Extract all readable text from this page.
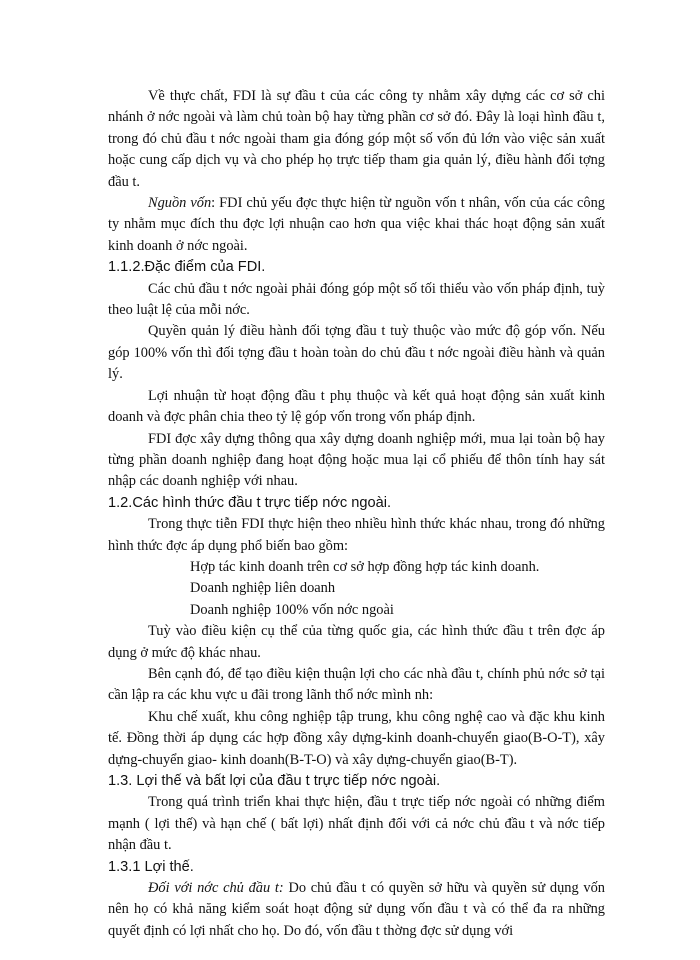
Về thực chất, FDI là sự đầu t của các công ty nhằm xây dựng các cơ sở chi nhánh ở nớc ngoài và làm chủ toàn bộ hay từng phần cơ sở đó. Đây là loại hình đầu t, trong đó chủ đầu t nớc ngoài tham gia đóng góp một số vốn đủ lớn vào việc sản xuất hoặc cung cấp dịch vụ và cho phép họ trực tiếp tham gia quản lý, điều hành đối tợng đầu t.

Nguồn vốn: FDI chủ yếu đợc thực hiện từ nguồn vốn t nhân, vốn của các công ty nhằm mục đích thu đợc lợi nhuận cao hơn qua việc khai thác hoạt động sản xuất kinh doanh ở nớc ngoài.

1.1.2.Đặc điểm của FDI.

Các chủ đầu t nớc ngoài phải đóng góp một số tối thiểu vào vốn pháp định, tuỳ theo luật lệ của mỗi nớc.

Quyền quản lý điều hành đối tợng đầu t tuỳ thuộc vào mức độ góp vốn. Nếu góp 100% vốn thì đối tợng đầu t hoàn toàn do chủ đầu t nớc ngoài điều hành và quản lý.

Lợi nhuận từ hoạt động đầu t phụ thuộc và kết quả hoạt động sản xuất kinh doanh và đợc phân chia theo tỷ lệ góp vốn trong vốn pháp định.

FDI đợc xây dựng thông qua xây dựng doanh nghiệp mới, mua lại toàn bộ hay từng phần doanh nghiệp đang hoạt động hoặc mua lại cổ phiếu để thôn tính hay sát nhập các doanh nghiệp với nhau.

1.2.Các hình thức đầu t trực tiếp nớc ngoài.

Trong thực tiễn FDI thực hiện theo nhiều hình thức khác nhau, trong đó những hình thức đợc áp dụng phổ biến bao gồm:

Hợp tác kinh doanh trên cơ sở hợp đồng hợp tác kinh doanh.

Doanh nghiệp liên doanh

Doanh nghiệp 100% vốn nớc ngoài

Tuỳ vào điều kiện cụ thể của từng quốc gia, các hình thức đầu t trên đợc áp dụng ở mức độ khác nhau.

Bên cạnh đó, để tạo điều kiện thuận lợi cho các nhà đầu t, chính phủ nớc sở tại cần lập ra các khu vực u đãi trong lãnh thổ nớc mình nh:

Khu chế xuất, khu công nghiệp tập trung, khu công nghệ cao và đặc khu kinh tế. Đồng thời áp dụng các hợp đồng xây dựng-kinh doanh-chuyển giao(B-O-T), xây dựng-chuyển giao- kinh doanh(B-T-O) và xây dựng-chuyển giao(B-T).

1.3. Lợi thế và bất lợi của đầu t trực tiếp nớc ngoài.

Trong quá trình triển khai thực hiện, đầu t trực tiếp nớc ngoài có những điểm mạnh ( lợi thế) và hạn chế ( bất lợi) nhất định đối với cả nớc chủ đầu t và nớc tiếp nhận đầu t.

1.3.1 Lợi thế.

Đối với nớc chủ đầu t: Do chủ đầu t có quyền sở hữu và quyền sử dụng vốn nên họ có khả năng kiểm soát hoạt động sử dụng vốn đầu t và có thể đa ra những quyết định có lợi nhất cho họ. Do đó, vốn đầu t thờng đợc sử dụng với
